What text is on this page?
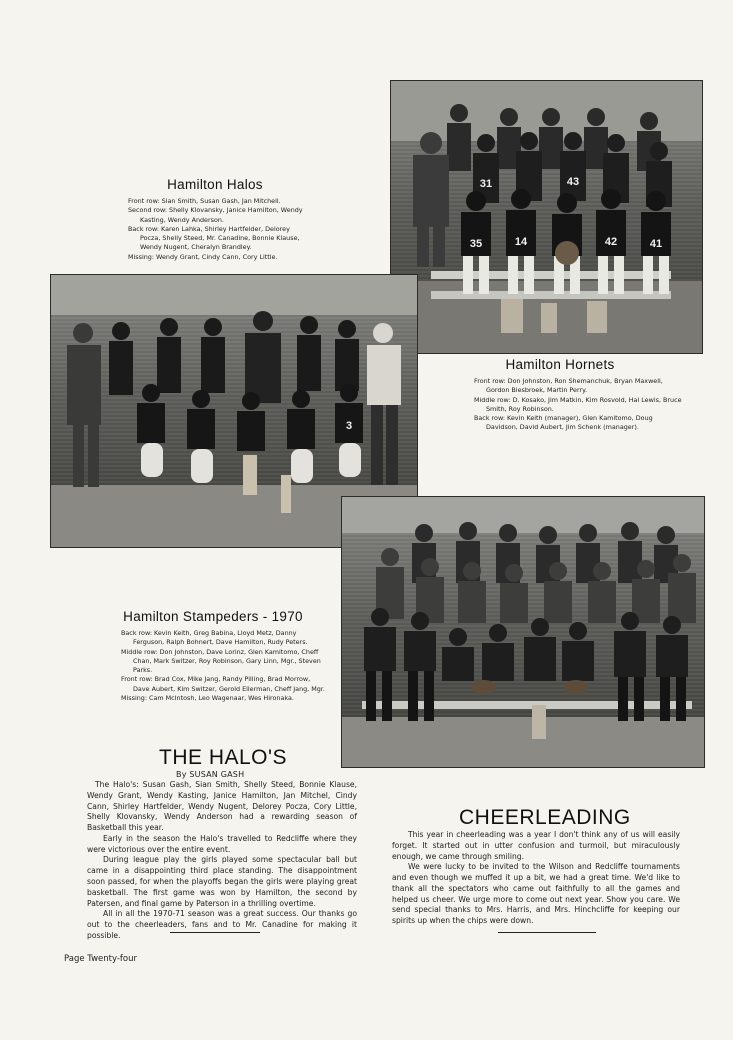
35	14	42	41
31	43
Hamilton Halos
Front row: Sian Smith, Susan Gash, Jan Mitchell.
Second row: Shelly Klovansky, Janice Hamilton, Wendy Kasting, Wendy Anderson.
Back row: Karen Lahka, Shirley Hartfelder, Delorey Pocza, Shelly Steed, Mr. Canadine, Bonnie Klause, Wendy Nugent, Cheralyn Brandley.
Missing: Wendy Grant, Cindy Cann, Cory Little.
3
Hamilton Hornets
Front row: Don Johnston, Ron Shemanchuk, Bryan Maxwell, Gordon Biesbroek, Martin Perry.
Middle row: D. Kosako, Jim Matkin, Kim Rosvold, Hal Lewis, Bruce Smith, Roy Robinson.
Back row: Kevin Keith (manager), Glen Kamitomo, Doug Davidson, David Aubert, Jim Schenk (manager).
Hamilton Stampeders - 1970
Back row: Kevin Keith, Greg Babina, Lloyd Metz, Danny Ferguson, Ralph Bohnert, Dave Hamilton, Rudy Peters.
Middle row: Don Johnston, Dave Lorinz, Glen Kamitomo, Cheff Chan, Mark Switzer, Roy Robinson, Gary Linn, Mgr., Steven Parks.
Front row: Brad Cox, Mike Jang, Randy Pilling, Brad Morrow, Dave Aubert, Kim Switzer, Gerold Ellerman, Cheff Jang, Mgr.
Missing: Cam McIntosh, Leo Wagenaar, Wes Hironaka.
THE HALO'S
By SUSAN GASH

The Halo's: Susan Gash, Sian Smith, Shelly Steed, Bonnie Klause, Wendy Grant, Wendy Kasting, Janice Hamilton, Jan Mitchel, Cindy Cann, Shirley Hartfelder, Wendy Nugent, Delorey Pocza, Cory Little, Shelly Klovansky, Wendy Anderson had a rewarding season of Basketball this year.

Early in the season the Halo's travelled to Redcliffe where they were victorious over the entire event.

During league play the girls played some spectacular ball but came in a disappointing third place standing. The disappointment soon passed, for when the playoffs began the girls were playing great basketball. The first game was won by Hamilton, the second by Patersen, and final game by Paterson in a thrilling overtime.

All in all the 1970-71 season was a great success. Our thanks go out to the cheerleaders, fans and to Mr. Canadine for making it possible.

CHEERLEADING

This year in cheerleading was a year I don't think any of us will easily forget. It started out in utter confusion and turmoil, but miraculously enough, we came through smiling.

We were lucky to be invited to the Wilson and Redcliffe tournaments and even though we muffed it up a bit, we had a great time. We'd like to thank all the spectators who came out faithfully to all the games and helped us cheer. We urge more to come out next year. Show you care. We send special thanks to Mrs. Harris, and Mrs. Hinchcliffe for keeping our spirits up when the chips were down.

Page Twenty-four
